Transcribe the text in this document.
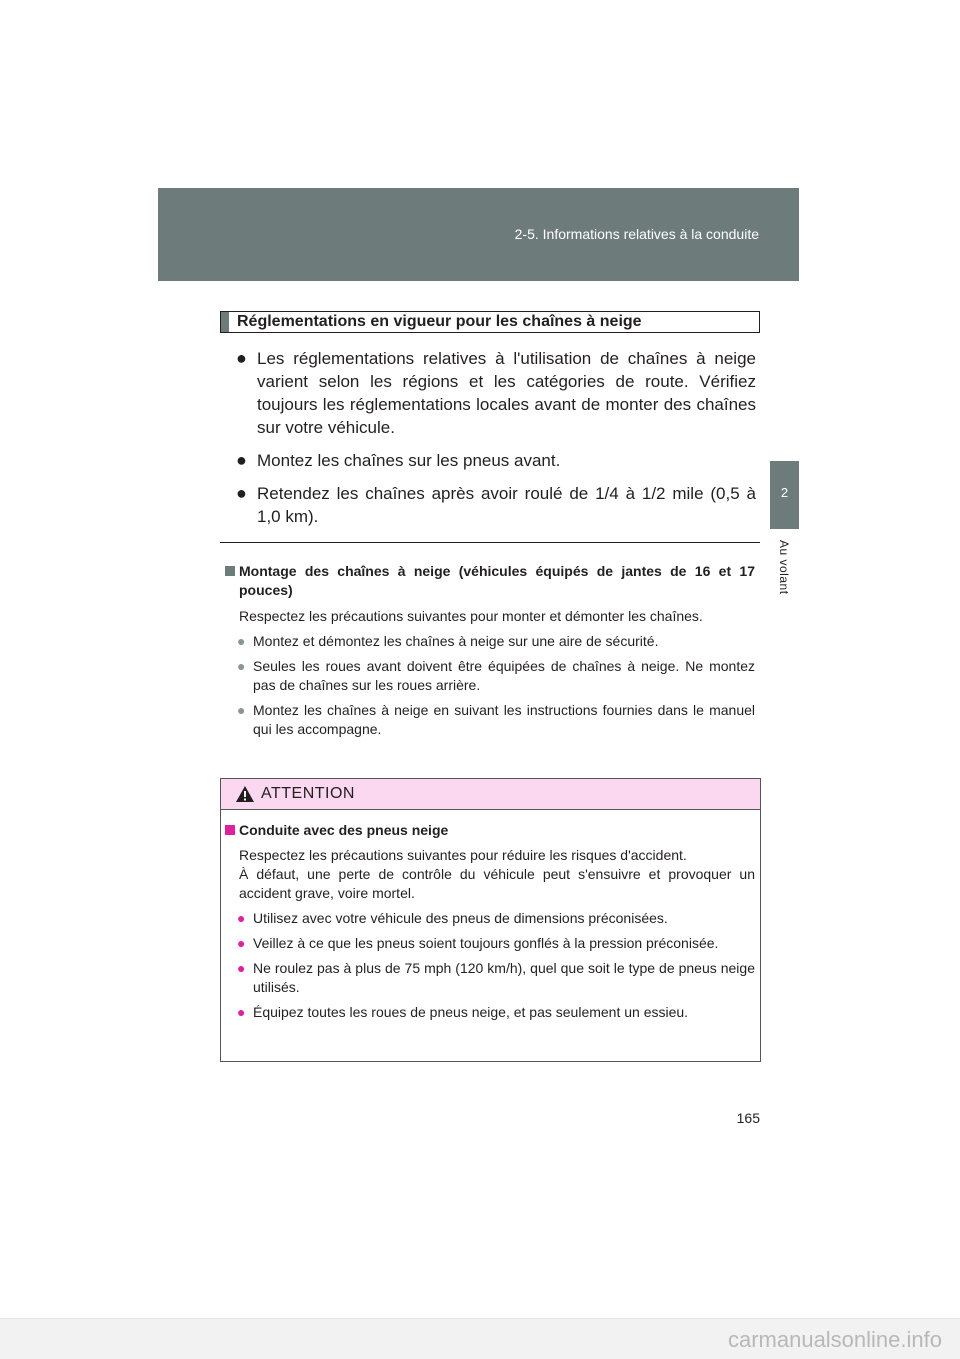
2-5. Informations relatives à la conduite
2
Au volant
Réglementations en vigueur pour les chaînes à neige
● Les réglementations relatives à l'utilisation de chaînes à neige varient selon les régions et les catégories de route. Vérifiez toujours les réglementations locales avant de monter des chaînes sur votre véhicule.
● Montez les chaînes sur les pneus avant.
● Retendez les chaînes après avoir roulé de 1/4 à 1/2 mile (0,5 à 1,0 km).
Montage des chaînes à neige (véhicules équipés de jantes de 16 et 17 pouces)
Respectez les précautions suivantes pour monter et démonter les chaînes.
● Montez et démontez les chaînes à neige sur une aire de sécurité.
● Seules les roues avant doivent être équipées de chaînes à neige. Ne montez pas de chaînes sur les roues arrière.
● Montez les chaînes à neige en suivant les instructions fournies dans le manuel qui les accompagne.
ATTENTION
Conduite avec des pneus neige
Respectez les précautions suivantes pour réduire les risques d'accident.
À défaut, une perte de contrôle du véhicule peut s'ensuivre et provoquer un accident grave, voire mortel.
● Utilisez avec votre véhicule des pneus de dimensions préconisées.
● Veillez à ce que les pneus soient toujours gonflés à la pression préconisée.
● Ne roulez pas à plus de 75 mph (120 km/h), quel que soit le type de pneus neige utilisés.
● Équipez toutes les roues de pneus neige, et pas seulement un essieu.
165
carmanualsonline.info
